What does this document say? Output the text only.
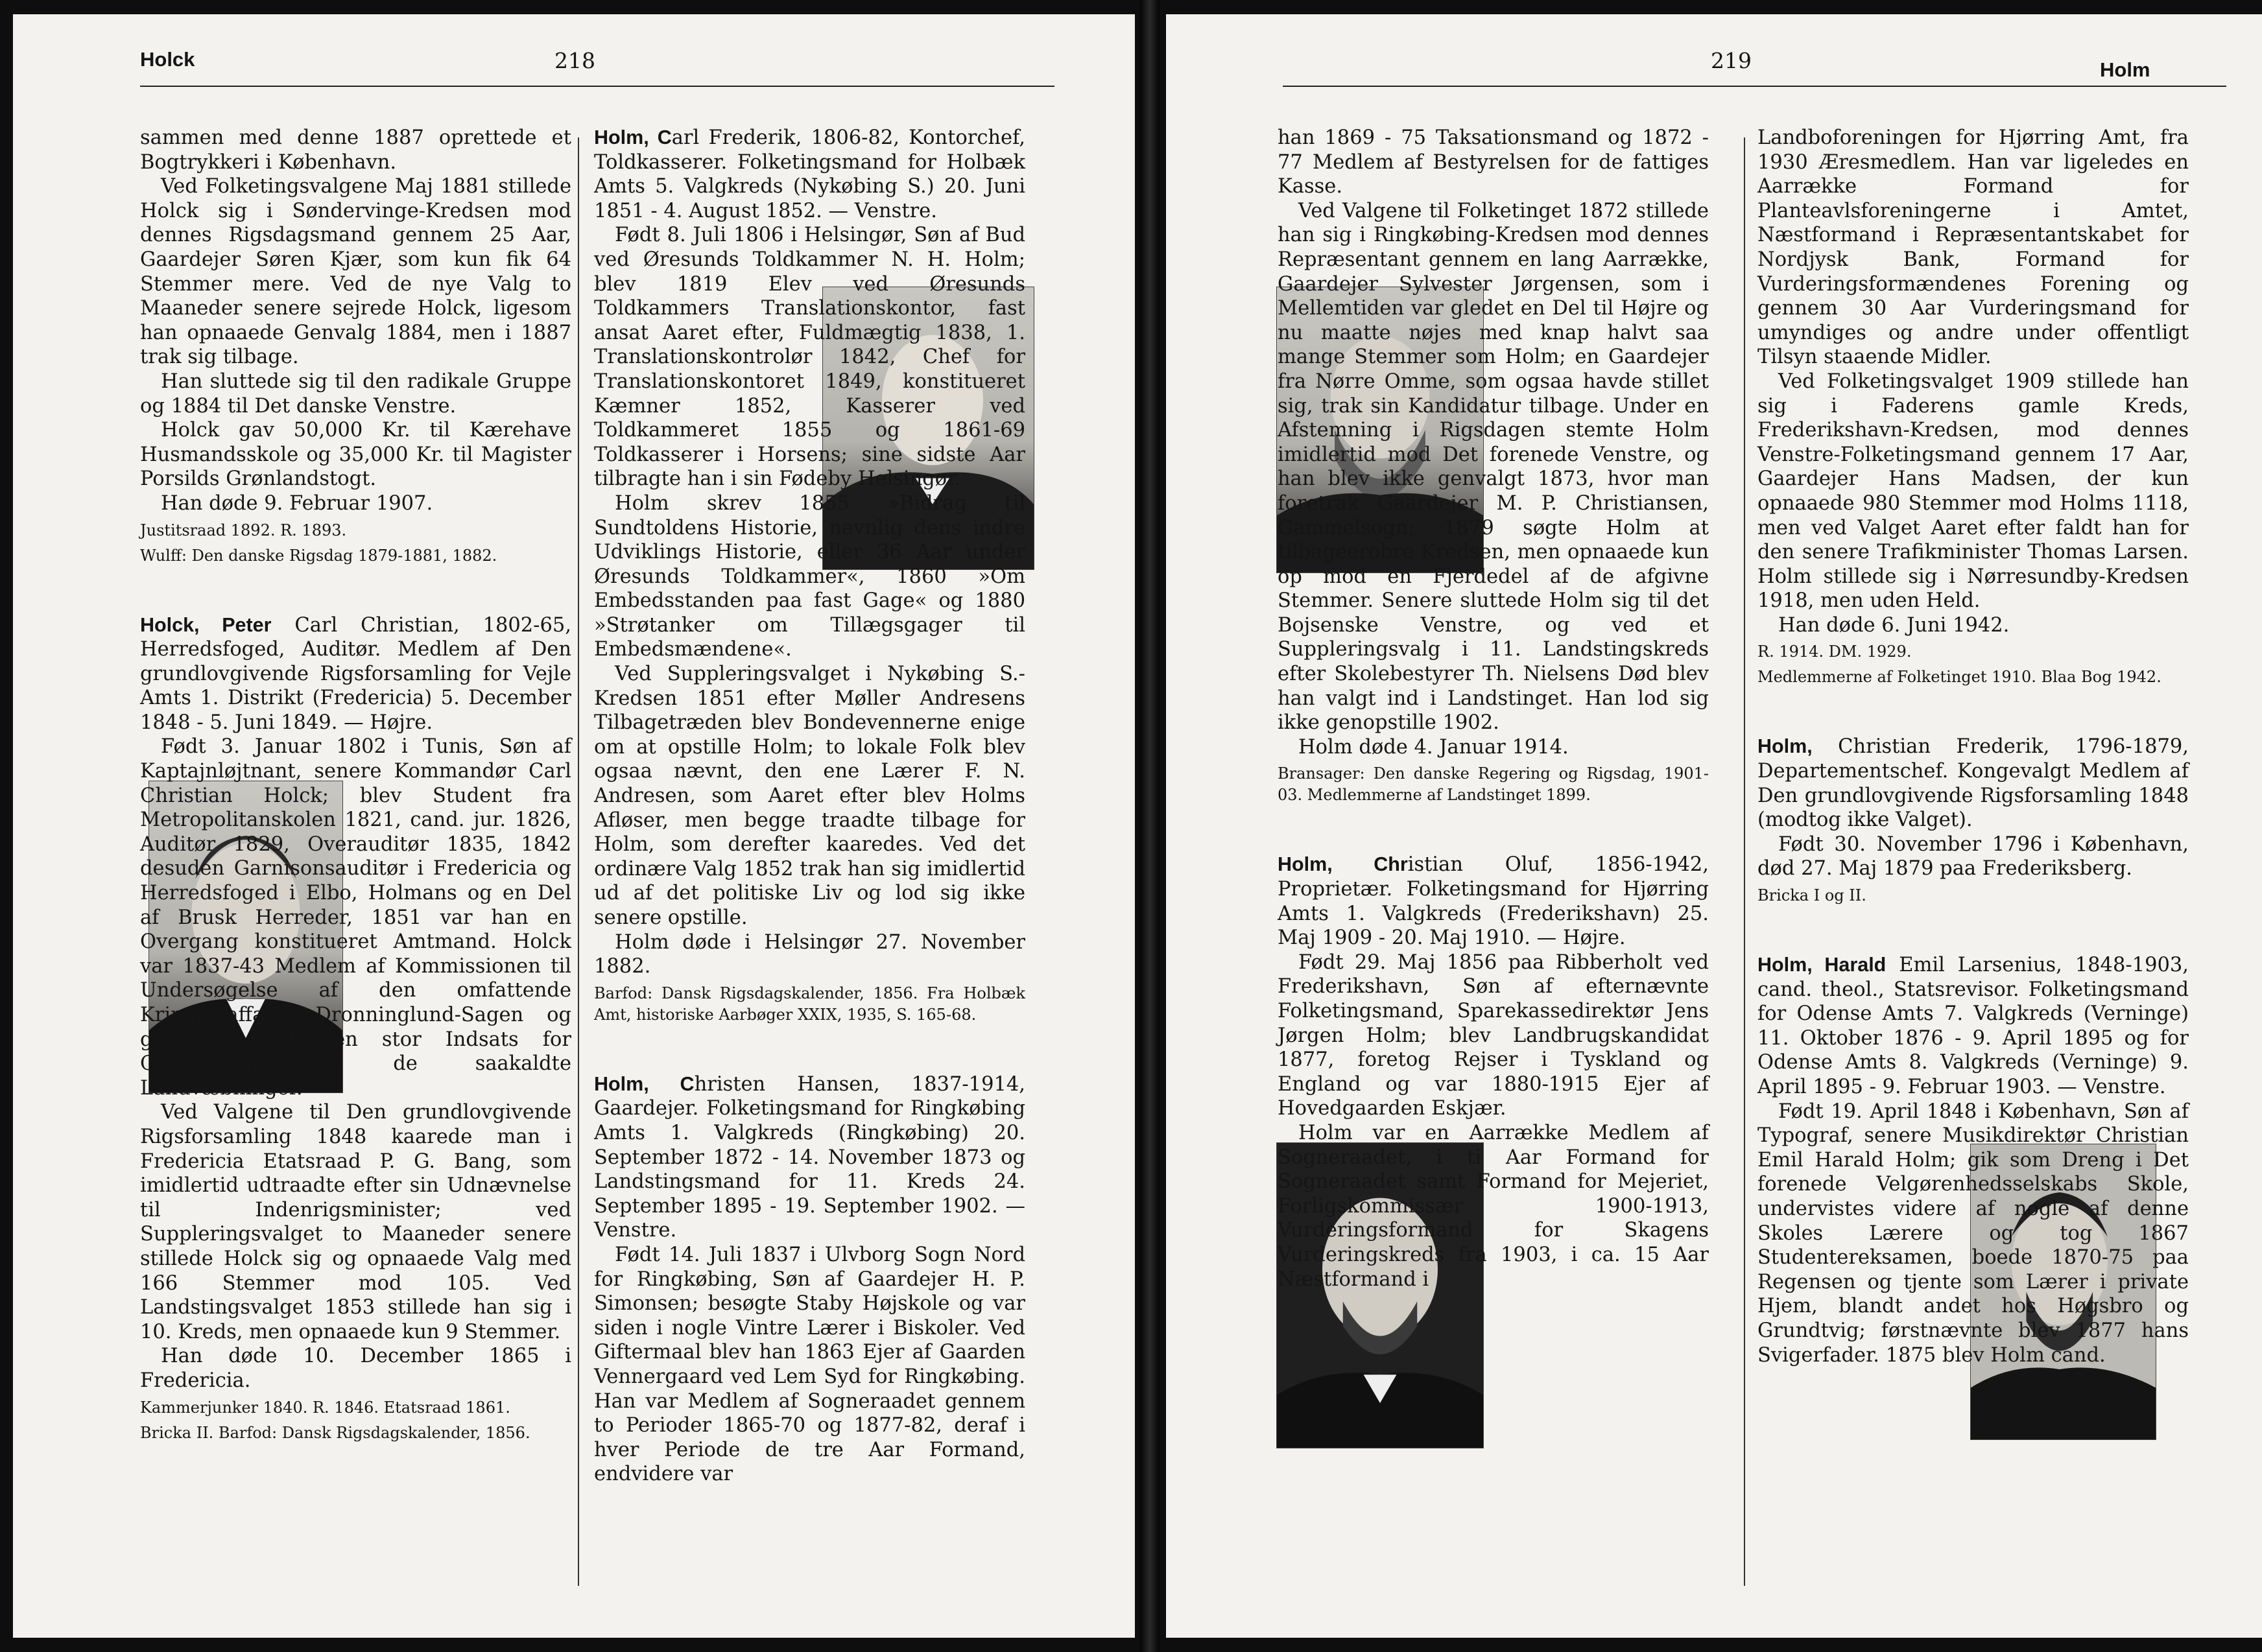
Holck	218

sammen med denne 1887 oprettede et Bogtrykkeri i København.

Ved Folketingsvalgene Maj 1881 stillede Holck sig i Søndervinge-Kredsen mod dennes Rigsdagsmand gennem 25 Aar, Gaardejer Søren Kjær, som kun fik 64 Stemmer mere. Ved de nye Valg to Maaneder senere sejrede Holck, ligesom han opnaaede Genvalg 1884, men i 1887 trak sig tilbage.

Han sluttede sig til den radikale Gruppe og 1884 til Det danske Venstre.

Holck gav 50,000 Kr. til Kærehave Husmandsskole og 35,000 Kr. til Magister Porsilds Grønlandstogt.

Han døde 9. Februar 1907.

Justitsraad 1892. R. 1893.

Wulff: Den danske Rigsdag 1879-1881, 1882.

Holck, Peter Carl Christian, 1802-65, Herredsfoged, Auditør. Medlem af Den grundlovgivende Rigsforsamling for Vejle Amts 1. Distrikt (Fredericia) 5. December 1848 - 5. Juni 1849. — Højre.

Født 3. Januar 1802 i Tunis, Søn af Kaptajnløjtnant, senere Kommandør Carl Christian Holck; blev Student fra Metropolitanskolen 1821, cand. jur. 1826, Auditør 1829, Overauditør 1835, 1842 desuden Garnisonsauditør i Fredericia og Herredsfoged i Elbo, Holmans og en Del af Brusk Herreder, 1851 var han en Overgang konstitueret Amtmand. Holck var 1837-43 Medlem af Kommissionen til Undersøgelse af den omfattende Kriminalaffære Dronninglund-Sagen og gjorde i 1848 en stor Indsats for Oprettelsen af de saakaldte Landvæbninger.

Ved Valgene til Den grundlovgivende Rigsforsamling 1848 kaarede man i Fredericia Etatsraad P. G. Bang, som imidlertid udtraadte efter sin Udnævnelse til Indenrigsminister; ved Suppleringsvalget to Maaneder senere stillede Holck sig og opnaaede Valg med 166 Stemmer mod 105. Ved Landstingsvalget 1853 stillede han sig i 10. Kreds, men opnaaede kun 9 Stemmer.

Han døde 10. December 1865 i Fredericia.

Kammerjunker 1840. R. 1846. Etatsraad 1861.

Bricka II. Barfod: Dansk Rigsdagskalender, 1856.

Holm, Carl Frederik, 1806-82, Kontorchef, Toldkasserer. Folketingsmand for Holbæk Amts 5. Valgkreds (Nykøbing S.) 20. Juni 1851 - 4. August 1852. — Venstre.

Født 8. Juli 1806 i Helsingør, Søn af Bud ved Øresunds Toldkammer N. H. Holm; blev 1819 Elev ved Øresunds Toldkammers Translationskontor, fast ansat Aaret efter, Fuldmægtig 1838, 1. Translationskontrolør 1842, Chef for Translationskontoret 1849, konstitueret Kæmner 1852, Kasserer ved Toldkammeret 1855 og 1861-69 Toldkasserer i Horsens; sine sidste Aar tilbragte han i sin Fødeby Helsingør.

Holm skrev 1855 »Bidrag til Sundtoldens Historie, navnlig dens indre Udviklings Historie, eller 36 Aar under Øresunds Toldkammer«, 1860 »Om Embedsstanden paa fast Gage« og 1880 »Strøtanker om Tillægsgager til Embedsmændene«.

Ved Suppleringsvalget i Nykøbing S.-Kredsen 1851 efter Møller Andresens Tilbagetræden blev Bondevennerne enige om at opstille Holm; to lokale Folk blev ogsaa nævnt, den ene Lærer F. N. Andresen, som Aaret efter blev Holms Afløser, men begge traadte tilbage for Holm, som derefter kaaredes. Ved det ordinære Valg 1852 trak han sig imidlertid ud af det politiske Liv og lod sig ikke senere opstille.

Holm døde i Helsingør 27. November 1882.

Barfod: Dansk Rigsdagskalender, 1856. Fra Holbæk Amt, historiske Aarbøger XXIX, 1935, S. 165-68.

Holm, Christen Hansen, 1837-1914, Gaardejer. Folketingsmand for Ringkøbing Amts 1. Valgkreds (Ringkøbing) 20. September 1872 - 14. November 1873 og Landstingsmand for 11. Kreds 24. September 1895 - 19. September 1902. — Venstre.

Født 14. Juli 1837 i Ulvborg Sogn Nord for Ringkøbing, Søn af Gaardejer H. P. Simonsen; besøgte Staby Højskole og var siden i nogle Vintre Lærer i Biskoler. Ved Giftermaal blev han 1863 Ejer af Gaarden Vennergaard ved Lem Syd for Ringkøbing. Han var Medlem af Sogneraadet gennem to Perioder 1865-70 og 1877-82, deraf i hver Periode de tre Aar Formand, endvidere var

219	Holm

han 1869 - 75 Taksationsmand og 1872 - 77 Medlem af Bestyrelsen for de fattiges Kasse.

Ved Valgene til Folketinget 1872 stillede han sig i Ringkøbing-Kredsen mod dennes Repræsentant gennem en lang Aarrække, Gaardejer Sylvester Jørgensen, som i Mellemtiden var gledet en Del til Højre og nu maatte nøjes med knap halvt saa mange Stemmer som Holm; en Gaardejer fra Nørre Omme, som ogsaa havde stillet sig, trak sin Kandidatur tilbage. Under en Afstemning i Rigsdagen stemte Holm imidlertid mod Det forenede Venstre, og han blev ikke genvalgt 1873, hvor man foretrak Gaardejer M. P. Christiansen, Gammelsogn; 1879 søgte Holm at tilbageerobre Kredsen, men opnaaede kun op mod en Fjerdedel af de afgivne Stemmer. Senere sluttede Holm sig til det Bojsenske Venstre, og ved et Suppleringsvalg i 11. Landstingskreds efter Skolebestyrer Th. Nielsens Død blev han valgt ind i Landstinget. Han lod sig ikke genopstille 1902.

Holm døde 4. Januar 1914.

Bransager: Den danske Regering og Rigsdag, 1901-03. Medlemmerne af Landstinget 1899.

Holm, Christian Oluf, 1856-1942, Proprietær. Folketingsmand for Hjørring Amts 1. Valgkreds (Frederikshavn) 25. Maj 1909 - 20. Maj 1910. — Højre.

Født 29. Maj 1856 paa Ribberholt ved Frederikshavn, Søn af efternævnte Folketingsmand, Sparekassedirektør Jens Jørgen Holm; blev Landbrugskandidat 1877, foretog Rejser i Tyskland og England og var 1880-1915 Ejer af Hovedgaarden Eskjær.

Holm var en Aarrække Medlem af Sogneraadet, i ti Aar Formand for Sogneraadet samt Formand for Mejeriet, Forligskommissær 1900-1913, Vurderingsformand for Skagens Vurderingskreds fra 1903, i ca. 15 Aar Næstformand i

Landboforeningen for Hjørring Amt, fra 1930 Æresmedlem. Han var ligeledes en Aarrække Formand for Planteavlsforeningerne i Amtet, Næstformand i Repræsentantskabet for Nordjysk Bank, Formand for Vurderingsformændenes Forening og gennem 30 Aar Vurderingsmand for umyndiges og andre under offentligt Tilsyn staaende Midler.

Ved Folketingsvalget 1909 stillede han sig i Faderens gamle Kreds, Frederikshavn-Kredsen, mod dennes Venstre-Folketingsmand gennem 17 Aar, Gaardejer Hans Madsen, der kun opnaaede 980 Stemmer mod Holms 1118, men ved Valget Aaret efter faldt han for den senere Trafikminister Thomas Larsen. Holm stillede sig i Nørresundby-Kredsen 1918, men uden Held.

Han døde 6. Juni 1942.

R. 1914. DM. 1929.

Medlemmerne af Folketinget 1910. Blaa Bog 1942.

Holm, Christian Frederik, 1796-1879, Departementschef. Kongevalgt Medlem af Den grundlovgivende Rigsforsamling 1848 (modtog ikke Valget).

Født 30. November 1796 i København, død 27. Maj 1879 paa Frederiksberg.

Bricka I og II.

Holm, Harald Emil Larsenius, 1848-1903, cand. theol., Statsrevisor. Folketingsmand for Odense Amts 7. Valgkreds (Verninge) 11. Oktober 1876 - 9. April 1895 og for Odense Amts 8. Valgkreds (Verninge) 9. April 1895 - 9. Februar 1903. — Venstre.

Født 19. April 1848 i København, Søn af Typograf, senere Musikdirektør Christian Emil Harald Holm; gik som Dreng i Det forenede Velgørenhedsselskabs Skole, undervistes videre af nogle af denne Skoles Lærere og tog 1867 Studentereksamen, boede 1870-75 paa Regensen og tjente som Lærer i private Hjem, blandt andet hos Høgsbro og Grundtvig; førstnævnte blev 1877 hans Svigerfader. 1875 blev Holm cand.
